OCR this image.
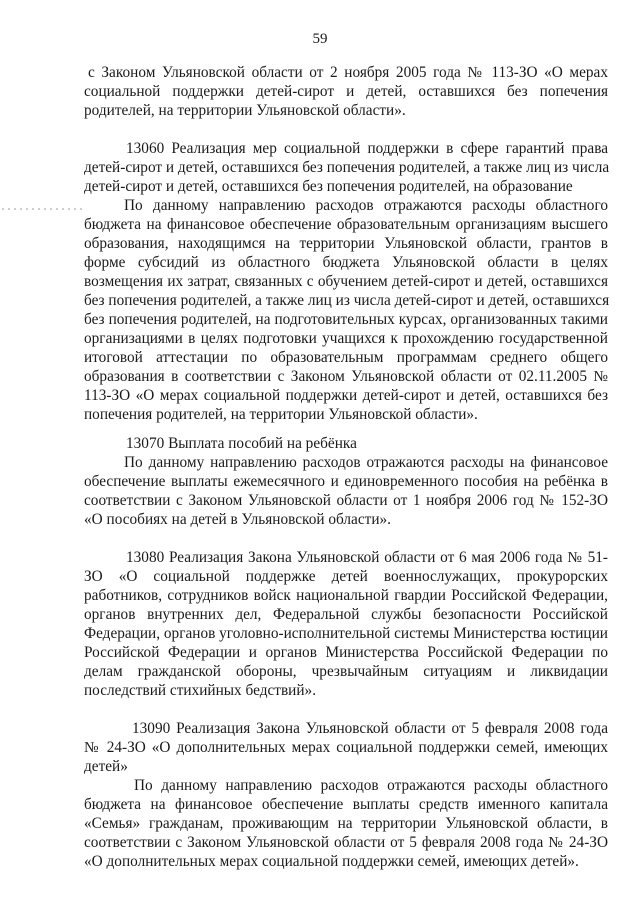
59
с Законом Ульяновской области от 2 ноября 2005 года № 113-ЗО «О мерах
социальной поддержки детей-сирот и детей, оставшихся без попечения
родителей, на территории Ульяновской области».
13060 Реализация мер социальной поддержки в сфере гарантий права
детей-сирот и детей, оставшихся без попечения родителей, а также лиц из числа
детей-сирот и детей, оставшихся без попечения родителей, на образование
По данному направлению расходов отражаются расходы областного
бюджета на финансовое обеспечение образовательным организациям высшего
образования, находящимся на территории Ульяновской области, грантов в
форме субсидий из областного бюджета Ульяновской области в целях
возмещения их затрат, связанных с обучением детей-сирот и детей, оставшихся
без попечения родителей, а также лиц из числа детей-сирот и детей, оставшихся
без попечения родителей, на подготовительных курсах, организованных такими
организациями в целях подготовки учащихся к прохождению государственной
итоговой аттестации по образовательным программам среднего общего
образования в соответствии с Законом Ульяновской области от 02.11.2005 №
113-ЗО «О мерах социальной поддержки детей-сирот и детей, оставшихся без
попечения родителей, на территории Ульяновской области».
13070 Выплата пособий на ребёнка
По данному направлению расходов отражаются расходы на финансовое
обеспечение выплаты ежемесячного и единовременного пособия на ребёнка в
соответствии с Законом Ульяновской области от 1 ноября 2006 год № 152-ЗО
«О пособиях на детей в Ульяновской области».
13080 Реализация Закона Ульяновской области от 6 мая 2006 года № 51-
ЗО «О социальной поддержке детей военнослужащих, прокурорских
работников, сотрудников войск национальной гвардии Российской Федерации,
органов внутренних дел, Федеральной службы безопасности Российской
Федерации, органов уголовно-исполнительной системы Министерства юстиции
Российской Федерации и органов Министерства Российской Федерации по
делам гражданской обороны, чрезвычайным ситуациям и ликвидации
последствий стихийных бедствий».
13090 Реализация Закона Ульяновской области от 5 февраля 2008 года
№ 24-ЗО «О дополнительных мерах социальной поддержки семей, имеющих
детей»
По данному направлению расходов отражаются расходы областного
бюджета на финансовое обеспечение выплаты средств именного капитала
«Семья» гражданам, проживающим на территории Ульяновской области, в
соответствии с Законом Ульяновской области от 5 февраля 2008 года № 24-ЗО
«О дополнительных мерах социальной поддержки семей, имеющих детей».
